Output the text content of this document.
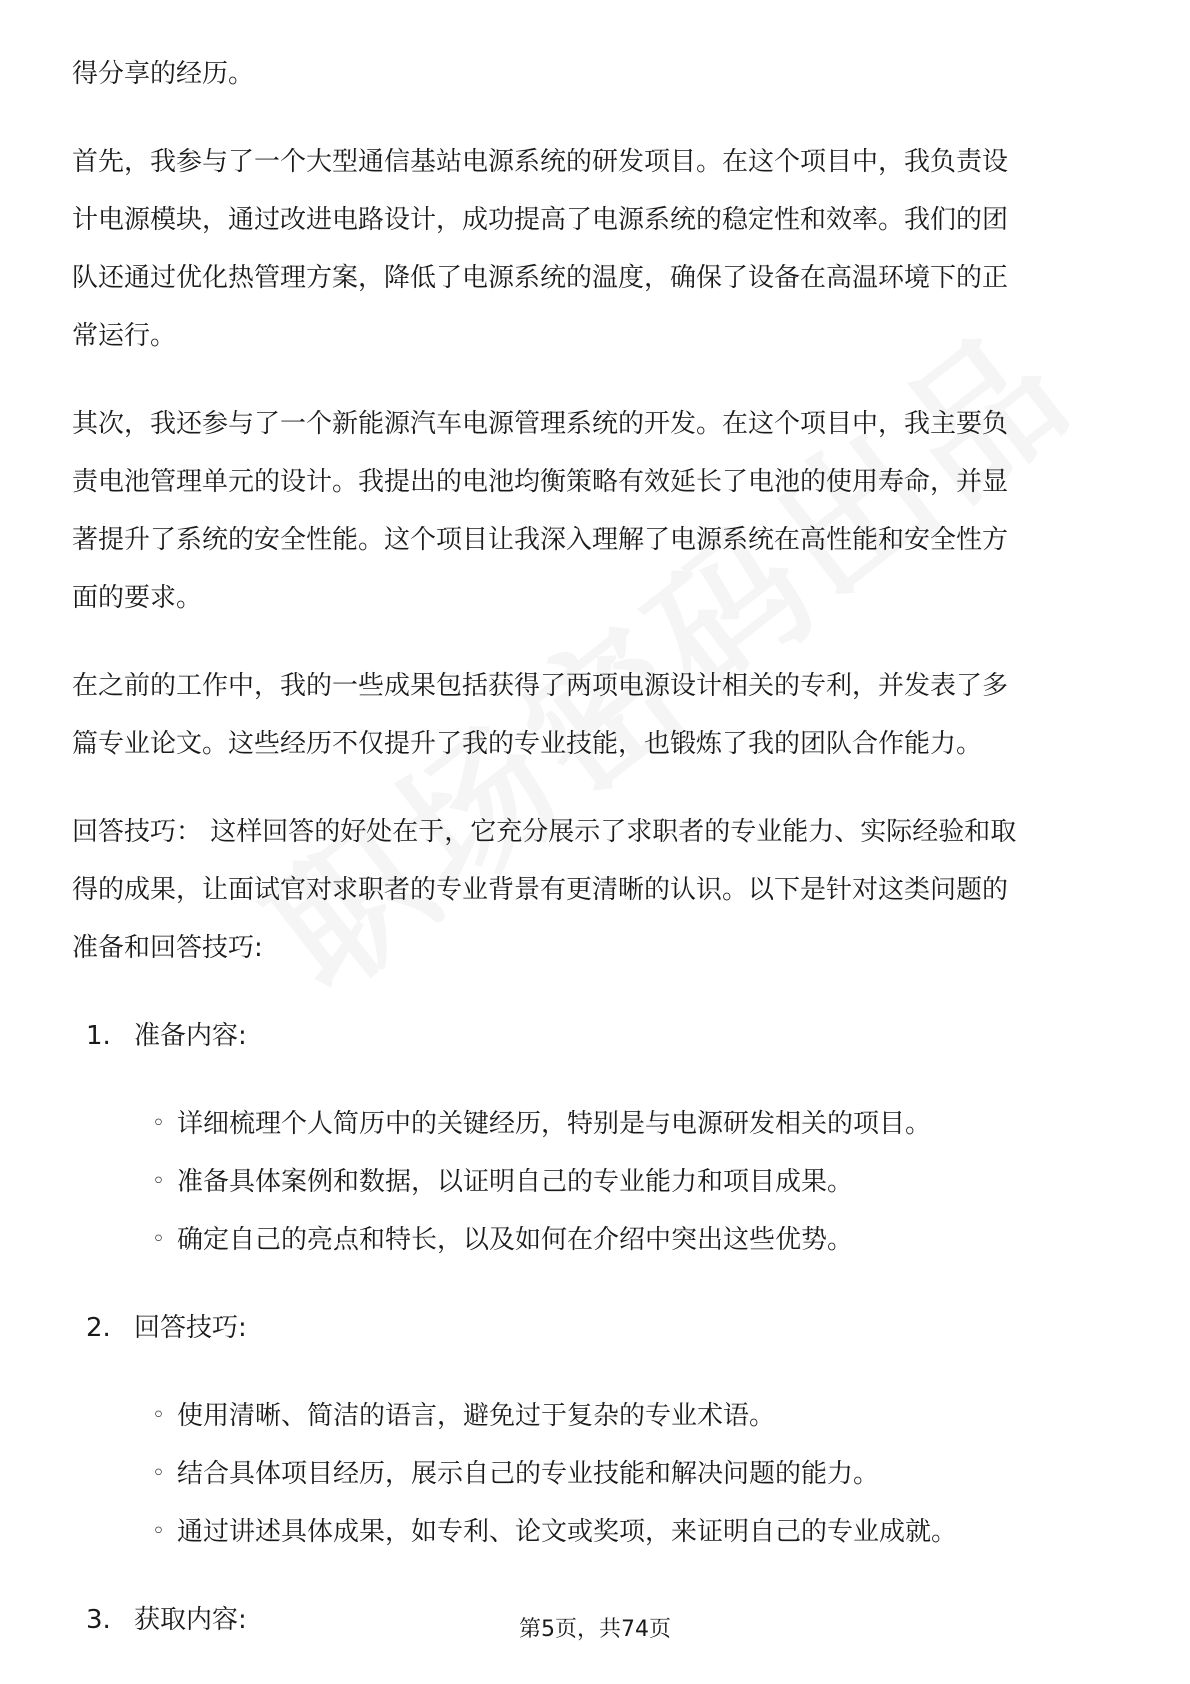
得分享的经历。

首先，我参与了一个大型通信基站电源系统的研发项目。在这个项目中，我负责设
计电源模块，通过改进电路设计，成功提高了电源系统的稳定性和效率。我们的团
队还通过优化热管理方案，降低了电源系统的温度，确保了设备在高温环境下的正
常运行。

其次，我还参与了一个新能源汽车电源管理系统的开发。在这个项目中，我主要负
责电池管理单元的设计。我提出的电池均衡策略有效延长了电池的使用寿命，并显
著提升了系统的安全性能。这个项目让我深入理解了电源系统在高性能和安全性方
面的要求。

在之前的工作中，我的一些成果包括获得了两项电源设计相关的专利，并发表了多
篇专业论文。这些经历不仅提升了我的专业技能，也锻炼了我的团队合作能力。

回答技巧： 这样回答的好处在于，它充分展示了求职者的专业能力、实际经验和取
得的成果，让面试官对求职者的专业背景有更清晰的认识。以下是针对这类问题的
准备和回答技巧:

1. 准备内容:
◦ 详细梳理个人简历中的关键经历，特别是与电源研发相关的项目。
◦ 准备具体案例和数据，以证明自己的专业能力和项目成果。
◦ 确定自己的亮点和特长，以及如何在介绍中突出这些优势。
2. 回答技巧:
◦ 使用清晰、简洁的语言，避免过于复杂的专业术语。
◦ 结合具体项目经历，展示自己的专业技能和解决问题的能力。
◦ 通过讲述具体成果，如专利、论文或奖项，来证明自己的专业成就。
3. 获取内容:	第5页，共74页
